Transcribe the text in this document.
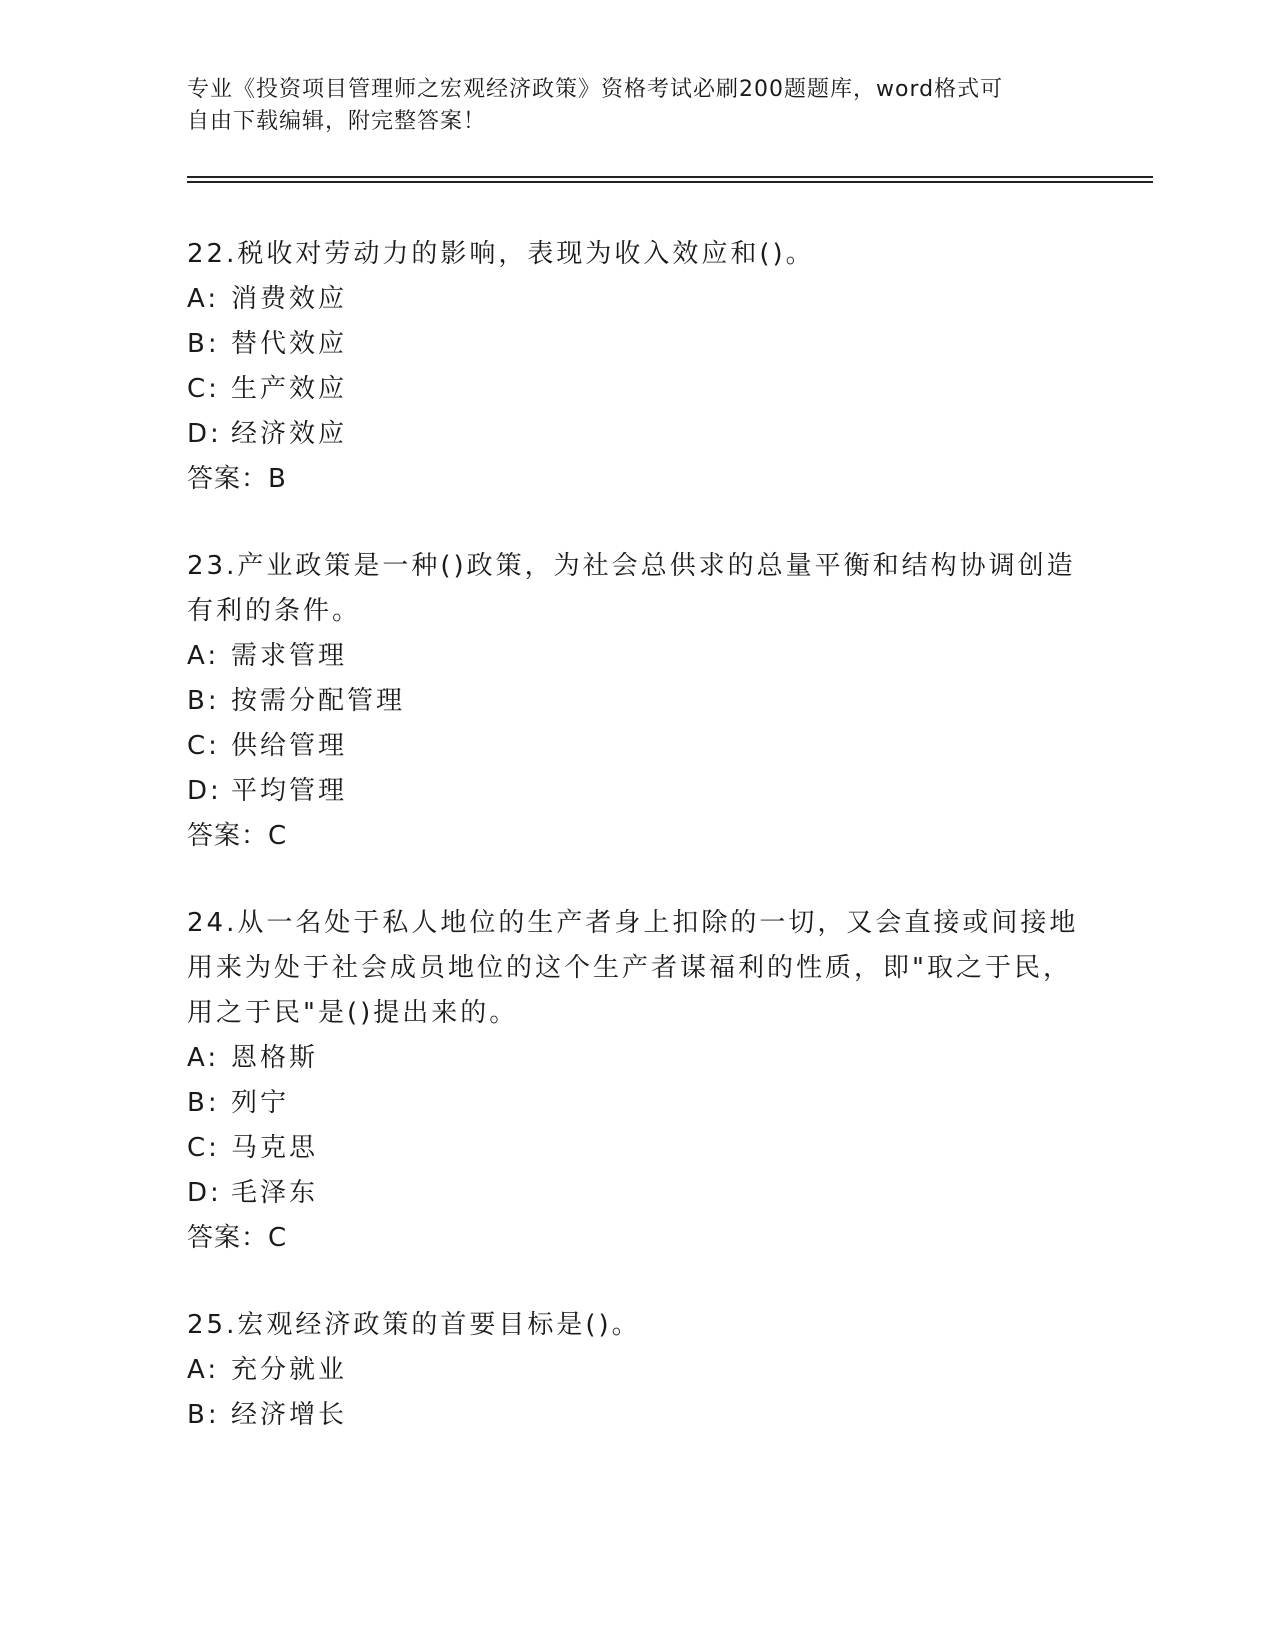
专业《投资项目管理师之宏观经济政策》资格考试必刷200题题库，word格式可
自由下载编辑，附完整答案！

22.税收对劳动力的影响，表现为收入效应和()。

A: 消费效应

B: 替代效应

C: 生产效应

D: 经济效应

答案：B

23.产业政策是一种()政策，为社会总供求的总量平衡和结构协调创造

有利的条件。

A: 需求管理

B: 按需分配管理

C: 供给管理

D: 平均管理

答案：C

24.从一名处于私人地位的生产者身上扣除的一切，又会直接或间接地

用来为处于社会成员地位的这个生产者谋福利的性质，即"取之于民，

用之于民"是()提出来的。

A: 恩格斯

B: 列宁

C: 马克思

D: 毛泽东

答案：C

25.宏观经济政策的首要目标是()。

A: 充分就业

B: 经济增长
